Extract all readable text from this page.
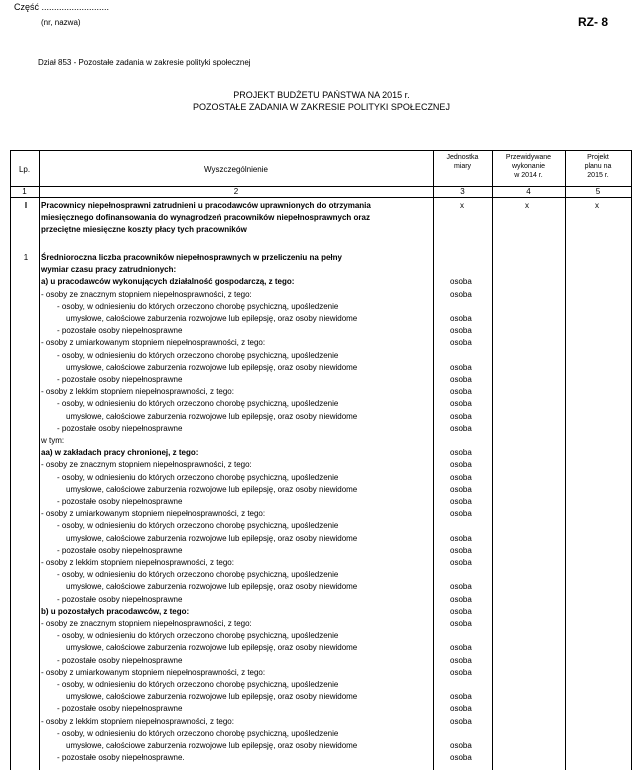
Część ...........................
(nr, nazwa)	RZ- 8
Dział 853 - Pozostałe zadania w zakresie polityki społecznej
PROJEKT BUDŻETU PAŃSTWA NA 2015 r.
POZOSTAŁE ZADANIA W ZAKRESIE POLITYKI SPOŁECZNEJ
Lp.	Wyszczególnienie
Jednostka
miary
Przewidywane
wykonanie
w 2014 r.
Projekt
planu na
2015 r.
1	2	3	4	5
I	Pracownicy niepełnosprawni zatrudnieni u pracodawców uprawnionych do otrzymania
miesięcznego dofinansowania do wynagrodzeń pracowników niepełnosprawnych oraz
przeciętne miesięczne koszty płacy tych pracowników
x	x	x
1	Średnioroczna liczba pracowników niepełnosprawnych w przeliczeniu na pełny
wymiar czasu pracy zatrudnionych:
a) u pracodawców wykonujących działalność gospodarczą, z tego:	osoba
- osoby ze znacznym stopniem niepełnosprawności, z tego:	osoba
- osoby, w odniesieniu do których orzeczono chorobę psychiczną, upośledzenie
umysłowe, całościowe zaburzenia rozwojowe lub epilepsję, oraz osoby niewidome	osoba
- pozostałe osoby niepełnosprawne	osoba
- osoby z umiarkowanym stopniem niepełnosprawności, z tego:	osoba
- osoby, w odniesieniu do których orzeczono chorobę psychiczną, upośledzenie
umysłowe, całościowe zaburzenia rozwojowe lub epilepsję, oraz osoby niewidome	osoba
- pozostałe osoby niepełnosprawne	osoba
- osoby z lekkim stopniem niepełnosprawności, z tego:	osoba
- osoby, w odniesieniu do których orzeczono chorobę psychiczną, upośledzenie	osoba
umysłowe, całościowe zaburzenia rozwojowe lub epilepsję, oraz osoby niewidome	osoba
- pozostałe osoby niepełnosprawne	osoba
w tym:
aa) w zakładach pracy chronionej, z tego:	osoba
- osoby ze znacznym stopniem niepełnosprawności, z tego:	osoba
- osoby, w odniesieniu do których orzeczono chorobę psychiczną, upośledzenie	osoba
umysłowe, całościowe zaburzenia rozwojowe lub epilepsję, oraz osoby niewidome	osoba
- pozostałe osoby niepełnosprawne	osoba
- osoby z umiarkowanym stopniem niepełnosprawności, z tego:	osoba
- osoby, w odniesieniu do których orzeczono chorobę psychiczną, upośledzenie
umysłowe, całościowe zaburzenia rozwojowe lub epilepsję, oraz osoby niewidome	osoba
- pozostałe osoby niepełnosprawne	osoba
- osoby z lekkim stopniem niepełnosprawności, z tego:	osoba
- osoby, w odniesieniu do których orzeczono chorobę psychiczną, upośledzenie
umysłowe, całościowe zaburzenia rozwojowe lub epilepsję, oraz osoby niewidome	osoba
- pozostałe osoby niepełnosprawne	osoba
b) u pozostałych pracodawców, z tego:	osoba
- osoby ze znacznym stopniem niepełnosprawności, z tego:	osoba
- osoby, w odniesieniu do których orzeczono chorobę psychiczną, upośledzenie
umysłowe, całościowe zaburzenia rozwojowe lub epilepsję, oraz osoby niewidome	osoba
- pozostałe osoby niepełnosprawne	osoba
- osoby z umiarkowanym stopniem niepełnosprawności, z tego:	osoba
- osoby, w odniesieniu do których orzeczono chorobę psychiczną, upośledzenie
umysłowe, całościowe zaburzenia rozwojowe lub epilepsję, oraz osoby niewidome	osoba
- pozostałe osoby niepełnosprawne	osoba
- osoby z lekkim stopniem niepełnosprawności, z tego:	osoba
- osoby, w odniesieniu do których orzeczono chorobę psychiczną, upośledzenie
umysłowe, całościowe zaburzenia rozwojowe lub epilepsję, oraz osoby niewidome	osoba
- pozostałe osoby niepełnosprawne.	osoba
